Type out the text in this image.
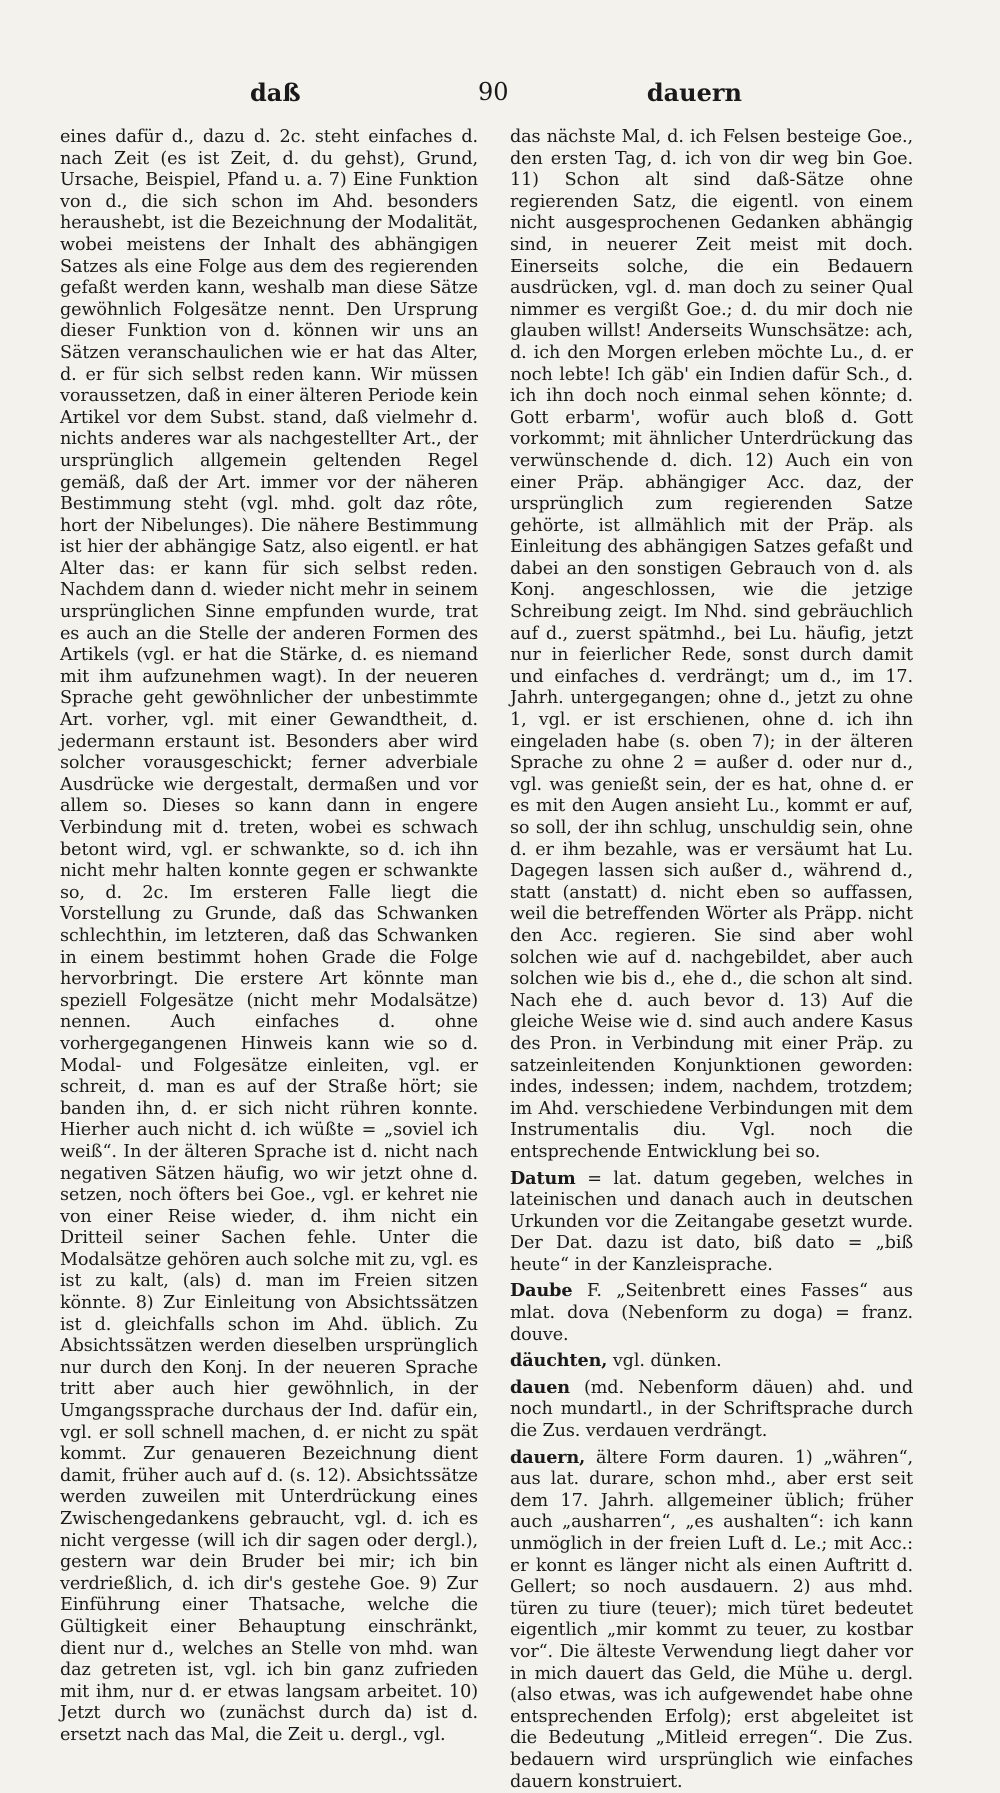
daß	90	dauern

eines dafür d., dazu d. 2c. steht einfaches d. nach Zeit (es ist Zeit, d. du gehst), Grund, Ursache, Beispiel, Pfand u. a. 7) Eine Funktion von d., die sich schon im Ahd. besonders heraushebt, ist die Bezeichnung der Modalität, wobei meistens der Inhalt des abhängigen Satzes als eine Folge aus dem des regierenden gefaßt werden kann, weshalb man diese Sätze gewöhnlich Folgesätze nennt. Den Ursprung dieser Funktion von d. können wir uns an Sätzen veranschaulichen wie er hat das Alter, d. er für sich selbst reden kann. Wir müssen voraussetzen, daß in einer älteren Periode kein Artikel vor dem Subst. stand, daß vielmehr d. nichts anderes war als nachgestellter Art., der ursprünglich allgemein geltenden Regel gemäß, daß der Art. immer vor der näheren Bestimmung steht (vgl. mhd. golt daz rôte, hort der Nibelunges). Die nähere Bestimmung ist hier der abhängige Satz, also eigentl. er hat Alter das: er kann für sich selbst reden. Nachdem dann d. wieder nicht mehr in seinem ursprünglichen Sinne empfunden wurde, trat es auch an die Stelle der anderen Formen des Artikels (vgl. er hat die Stärke, d. es niemand mit ihm aufzunehmen wagt). In der neueren Sprache geht gewöhnlicher der unbestimmte Art. vorher, vgl. mit einer Gewandtheit, d. jedermann erstaunt ist. Besonders aber wird solcher vorausgeschickt; ferner adverbiale Ausdrücke wie dergestalt, dermaßen und vor allem so. Dieses so kann dann in engere Verbindung mit d. treten, wobei es schwach betont wird, vgl. er schwankte, so d. ich ihn nicht mehr halten konnte gegen er schwankte so, d. 2c. Im ersteren Falle liegt die Vorstellung zu Grunde, daß das Schwanken schlechthin, im letzteren, daß das Schwanken in einem bestimmt hohen Grade die Folge hervorbringt. Die erstere Art könnte man speziell Folgesätze (nicht mehr Modalsätze) nennen. Auch einfaches d. ohne vorhergegangenen Hinweis kann wie so d. Modal- und Folgesätze einleiten, vgl. er schreit, d. man es auf der Straße hört; sie banden ihn, d. er sich nicht rühren konnte. Hierher auch nicht d. ich wüßte = „soviel ich weiß“. In der älteren Sprache ist d. nicht nach negativen Sätzen häufig, wo wir jetzt ohne d. setzen, noch öfters bei Goe., vgl. er kehret nie von einer Reise wieder, d. ihm nicht ein Dritteil seiner Sachen fehle. Unter die Modalsätze gehören auch solche mit zu, vgl. es ist zu kalt, (als) d. man im Freien sitzen könnte. 8) Zur Einleitung von Absichtssätzen ist d. gleichfalls schon im Ahd. üblich. Zu Absichtssätzen werden dieselben ursprünglich nur durch den Konj. In der neueren Sprache tritt aber auch hier gewöhnlich, in der Umgangssprache durchaus der Ind. dafür ein, vgl. er soll schnell machen, d. er nicht zu spät kommt. Zur genaueren Bezeichnung dient damit, früher auch auf d. (s. 12). Absichtssätze werden zuweilen mit Unterdrückung eines Zwischengedankens gebraucht, vgl. d. ich es nicht vergesse (will ich dir sagen oder dergl.), gestern war dein Bruder bei mir; ich bin verdrießlich, d. ich dir's gestehe Goe. 9) Zur Einführung einer Thatsache, welche die Gültigkeit einer Behauptung einschränkt, dient nur d., welches an Stelle von mhd. wan daz getreten ist, vgl. ich bin ganz zufrieden mit ihm, nur d. er etwas langsam arbeitet. 10) Jetzt durch wo (zunächst durch da) ist d. ersetzt nach das Mal, die Zeit u. dergl., vgl.

das nächste Mal, d. ich Felsen besteige Goe., den ersten Tag, d. ich von dir weg bin Goe. 11) Schon alt sind daß-Sätze ohne regierenden Satz, die eigentl. von einem nicht ausgesprochenen Gedanken abhängig sind, in neuerer Zeit meist mit doch. Einerseits solche, die ein Bedauern ausdrücken, vgl. d. man doch zu seiner Qual nimmer es vergißt Goe.; d. du mir doch nie glauben willst! Anderseits Wunschsätze: ach, d. ich den Morgen erleben möchte Lu., d. er noch lebte! Ich gäb' ein Indien dafür Sch., d. ich ihn doch noch einmal sehen könnte; d. Gott erbarm', wofür auch bloß d. Gott vorkommt; mit ähnlicher Unterdrückung das verwünschende d. dich. 12) Auch ein von einer Präp. abhängiger Acc. daz, der ursprünglich zum regierenden Satze gehörte, ist allmählich mit der Präp. als Einleitung des abhängigen Satzes gefaßt und dabei an den sonstigen Gebrauch von d. als Konj. angeschlossen, wie die jetzige Schreibung zeigt. Im Nhd. sind gebräuchlich auf d., zuerst spätmhd., bei Lu. häufig, jetzt nur in feierlicher Rede, sonst durch damit und einfaches d. verdrängt; um d., im 17. Jahrh. untergegangen; ohne d., jetzt zu ohne 1, vgl. er ist erschienen, ohne d. ich ihn eingeladen habe (s. oben 7); in der älteren Sprache zu ohne 2 = außer d. oder nur d., vgl. was genießt sein, der es hat, ohne d. er es mit den Augen ansieht Lu., kommt er auf, so soll, der ihn schlug, unschuldig sein, ohne d. er ihm bezahle, was er versäumt hat Lu. Dagegen lassen sich außer d., während d., statt (anstatt) d. nicht eben so auffassen, weil die betreffenden Wörter als Präpp. nicht den Acc. regieren. Sie sind aber wohl solchen wie auf d. nachgebildet, aber auch solchen wie bis d., ehe d., die schon alt sind. Nach ehe d. auch bevor d. 13) Auf die gleiche Weise wie d. sind auch andere Kasus des Pron. in Verbindung mit einer Präp. zu satzeinleitenden Konjunktionen geworden: indes, indessen; indem, nachdem, trotzdem; im Ahd. verschiedene Verbindungen mit dem Instrumentalis diu. Vgl. noch die entsprechende Entwicklung bei so.

Datum = lat. datum gegeben, welches in lateinischen und danach auch in deutschen Urkunden vor die Zeitangabe gesetzt wurde. Der Dat. dazu ist dato, biß dato = „biß heute“ in der Kanzleisprache.

Daube F. „Seitenbrett eines Fasses“ aus mlat. dova (Nebenform zu doga) = franz. douve.

däuchten, vgl. dünken.

dauen (md. Nebenform däuen) ahd. und noch mundartl., in der Schriftsprache durch die Zus. verdauen verdrängt.

dauern, ältere Form dauren. 1) „währen“, aus lat. durare, schon mhd., aber erst seit dem 17. Jahrh. allgemeiner üblich; früher auch „ausharren“, „es aushalten“: ich kann unmöglich in der freien Luft d. Le.; mit Acc.: er konnt es länger nicht als einen Auftritt d. Gellert; so noch ausdauern. 2) aus mhd. türen zu tiure (teuer); mich türet bedeutet eigentlich „mir kommt zu teuer, zu kostbar vor“. Die älteste Verwendung liegt daher vor in mich dauert das Geld, die Mühe u. dergl. (also etwas, was ich aufgewendet habe ohne entsprechenden Erfolg); erst abgeleitet ist die Bedeutung „Mitleid erregen“. Die Zus. bedauern wird ursprünglich wie einfaches dauern konstruiert.
